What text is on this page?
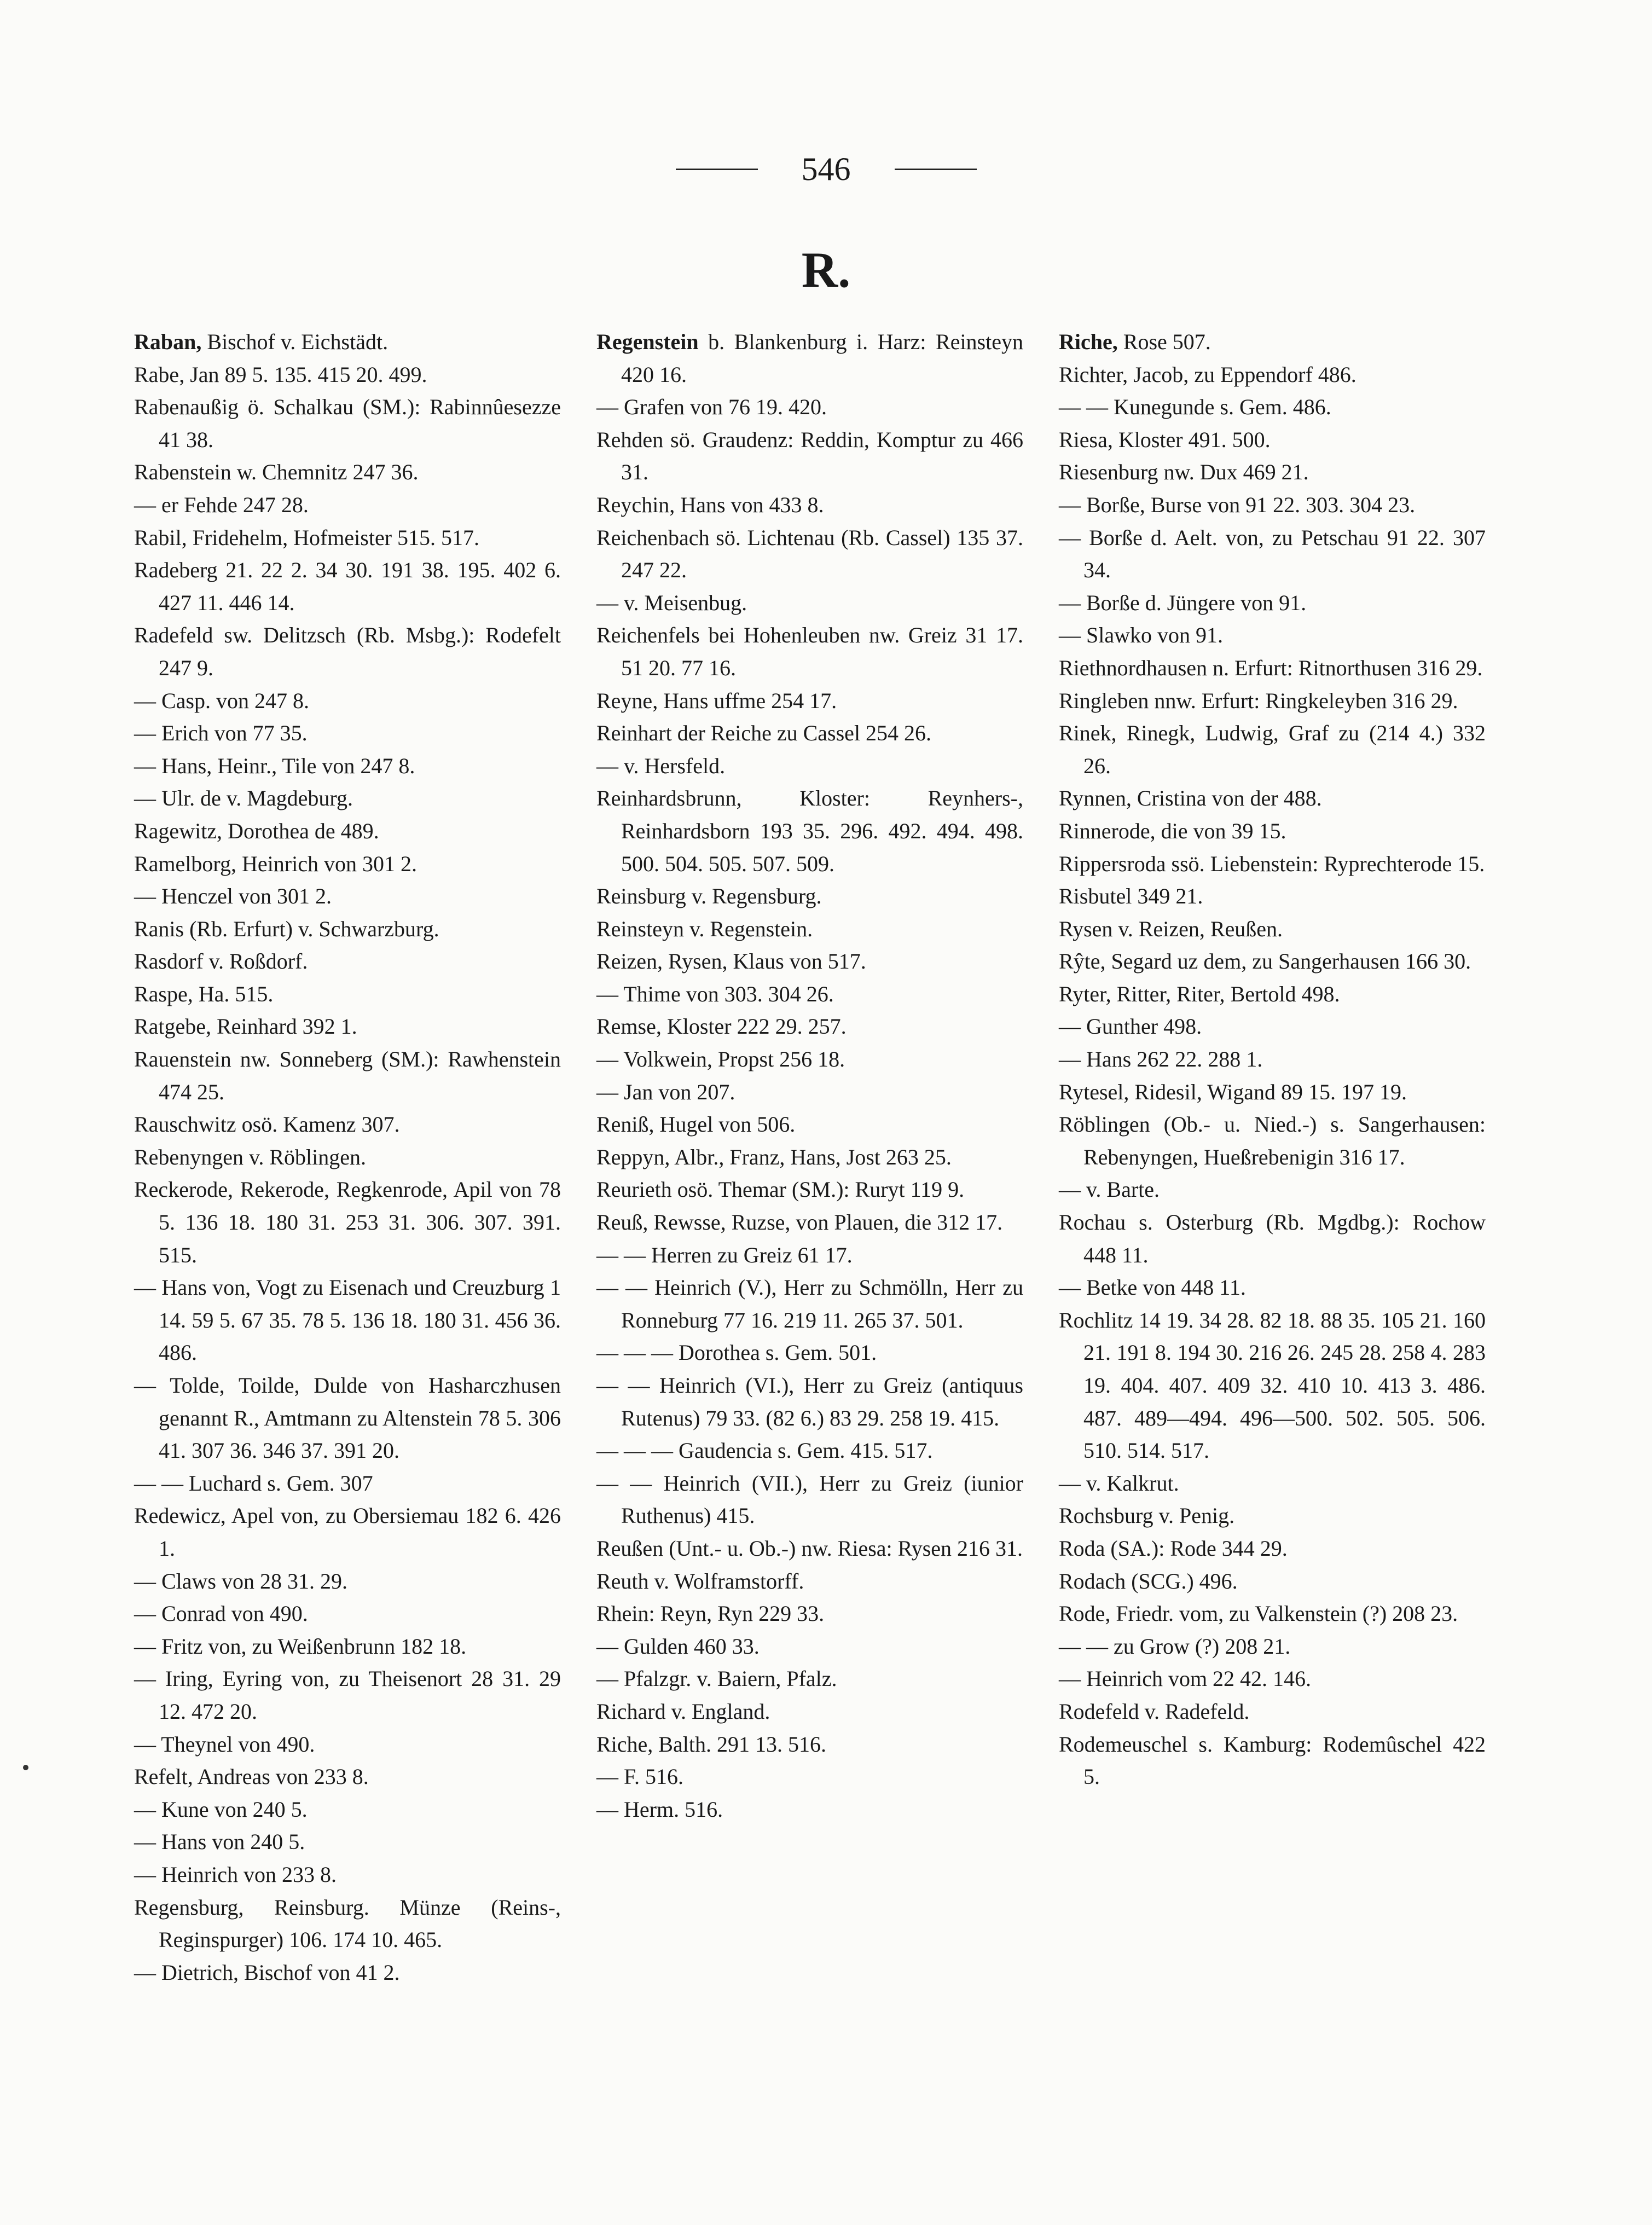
546
R.
Raban, Bischof v. Eichstädt.
Rabe, Jan 89 5. 135. 415 20. 499.
Rabenaußig ö. Schalkau (SM.): Rabinnûesezze 41 38.
Rabenstein w. Chemnitz 247 36.
— er Fehde 247 28.
Rabil, Fridehelm, Hofmeister 515. 517.
Radeberg 21. 22 2. 34 30. 191 38. 195. 402 6. 427 11. 446 14.
Radefeld sw. Delitzsch (Rb. Msbg.): Rodefelt 247 9.
— Casp. von 247 8.
— Erich von 77 35.
— Hans, Heinr., Tile von 247 8.
— Ulr. de v. Magdeburg.
Ragewitz, Dorothea de 489.
Ramelborg, Heinrich von 301 2.
— Henczel von 301 2.
Ranis (Rb. Erfurt) v. Schwarzburg.
Rasdorf v. Roßdorf.
Raspe, Ha. 515.
Ratgebe, Reinhard 392 1.
Rauenstein nw. Sonneberg (SM.): Rawhenstein 474 25.
Rauschwitz osö. Kamenz 307.
Rebenyngen v. Röblingen.
Reckerode, Rekerode, Regkenrode, Apil von 78 5. 136 18. 180 31. 253 31. 306. 307. 391. 515.
— Hans von, Vogt zu Eisenach und Creuzburg 1 14. 59 5. 67 35. 78 5. 136 18. 180 31. 456 36. 486.
— Tolde, Toilde, Dulde von Hasharczhusen genannt R., Amtmann zu Altenstein 78 5. 306 41. 307 36. 346 37. 391 20.
— — Luchard s. Gem. 307
Redewicz, Apel von, zu Obersiemau 182 6. 426 1.
— Claws von 28 31. 29.
— Conrad von 490.
— Fritz von, zu Weißenbrunn 182 18.
— Iring, Eyring von, zu Theisenort 28 31. 29 12. 472 20.
— Theynel von 490.
Refelt, Andreas von 233 8.
— Kune von 240 5.
— Hans von 240 5.
— Heinrich von 233 8.
Regensburg, Reinsburg. Münze (Reins-, Reginspurger) 106. 174 10. 465.
— Dietrich, Bischof von 41 2.
Regenstein b. Blankenburg i. Harz: Reinsteyn 420 16.
— Grafen von 76 19. 420.
Rehden sö. Graudenz: Reddin, Komptur zu 466 31.
Reychin, Hans von 433 8.
Reichenbach sö. Lichtenau (Rb. Cassel) 135 37. 247 22.
— v. Meisenbug.
Reichenfels bei Hohenleuben nw. Greiz 31 17. 51 20. 77 16.
Reyne, Hans uffme 254 17.
Reinhart der Reiche zu Cassel 254 26.
— v. Hersfeld.
Reinhardsbrunn, Kloster: Reynhers-, Reinhardsborn 193 35. 296. 492. 494. 498. 500. 504. 505. 507. 509.
Reinsburg v. Regensburg.
Reinsteyn v. Regenstein.
Reizen, Rysen, Klaus von 517.
— Thime von 303. 304 26.
Remse, Kloster 222 29. 257.
— Volkwein, Propst 256 18.
— Jan von 207.
Reniß, Hugel von 506.
Reppyn, Albr., Franz, Hans, Jost 263 25.
Reurieth osö. Themar (SM.): Ruryt 119 9.
Reuß, Rewsse, Ruzse, von Plauen, die 312 17.
— — Herren zu Greiz 61 17.
— — Heinrich (V.), Herr zu Schmölln, Herr zu Ronneburg 77 16. 219 11. 265 37. 501.
— — — Dorothea s. Gem. 501.
— — Heinrich (VI.), Herr zu Greiz (antiquus Rutenus) 79 33. (82 6.) 83 29. 258 19. 415.
— — — Gaudencia s. Gem. 415. 517.
— — Heinrich (VII.), Herr zu Greiz (iunior Ruthenus) 415.
Reußen (Unt.- u. Ob.-) nw. Riesa: Rysen 216 31.
Reuth v. Wolframstorff.
Rhein: Reyn, Ryn 229 33.
— Gulden 460 33.
— Pfalzgr. v. Baiern, Pfalz.
Richard v. England.
Riche, Balth. 291 13. 516.
— F. 516.
— Herm. 516.
Riche, Rose 507.
Richter, Jacob, zu Eppendorf 486.
— — Kunegunde s. Gem. 486.
Riesa, Kloster 491. 500.
Riesenburg nw. Dux 469 21.
— Borße, Burse von 91 22. 303. 304 23.
— Borße d. Aelt. von, zu Petschau 91 22. 307 34.
— Borße d. Jüngere von 91.
— Slawko von 91.
Riethnordhausen n. Erfurt: Ritnorthusen 316 29.
Ringleben nnw. Erfurt: Ringkeleyben 316 29.
Rinek, Rinegk, Ludwig, Graf zu (214 4.) 332 26.
Rynnen, Cristina von der 488.
Rinnerode, die von 39 15.
Rippersroda ssö. Liebenstein: Ryprechterode 15.
Risbutel 349 21.
Rysen v. Reizen, Reußen.
Rŷte, Segard uz dem, zu Sangerhausen 166 30.
Ryter, Ritter, Riter, Bertold 498.
— Gunther 498.
— Hans 262 22. 288 1.
Rytesel, Ridesil, Wigand 89 15. 197 19.
Röblingen (Ob.- u. Nied.-) s. Sangerhausen: Rebenyngen, Hueßrebenigin 316 17.
— v. Barte.
Rochau s. Osterburg (Rb. Mgdbg.): Rochow 448 11.
— Betke von 448 11.
Rochlitz 14 19. 34 28. 82 18. 88 35. 105 21. 160 21. 191 8. 194 30. 216 26. 245 28. 258 4. 283 19. 404. 407. 409 32. 410 10. 413 3. 486. 487. 489—494. 496—500. 502. 505. 506. 510. 514. 517.
— v. Kalkrut.
Rochsburg v. Penig.
Roda (SA.): Rode 344 29.
Rodach (SCG.) 496.
Rode, Friedr. vom, zu Valkenstein (?) 208 23.
— — zu Grow (?) 208 21.
— Heinrich vom 22 42. 146.
Rodefeld v. Radefeld.
Rodemeuschel s. Kamburg: Rodemûschel 422 5.
